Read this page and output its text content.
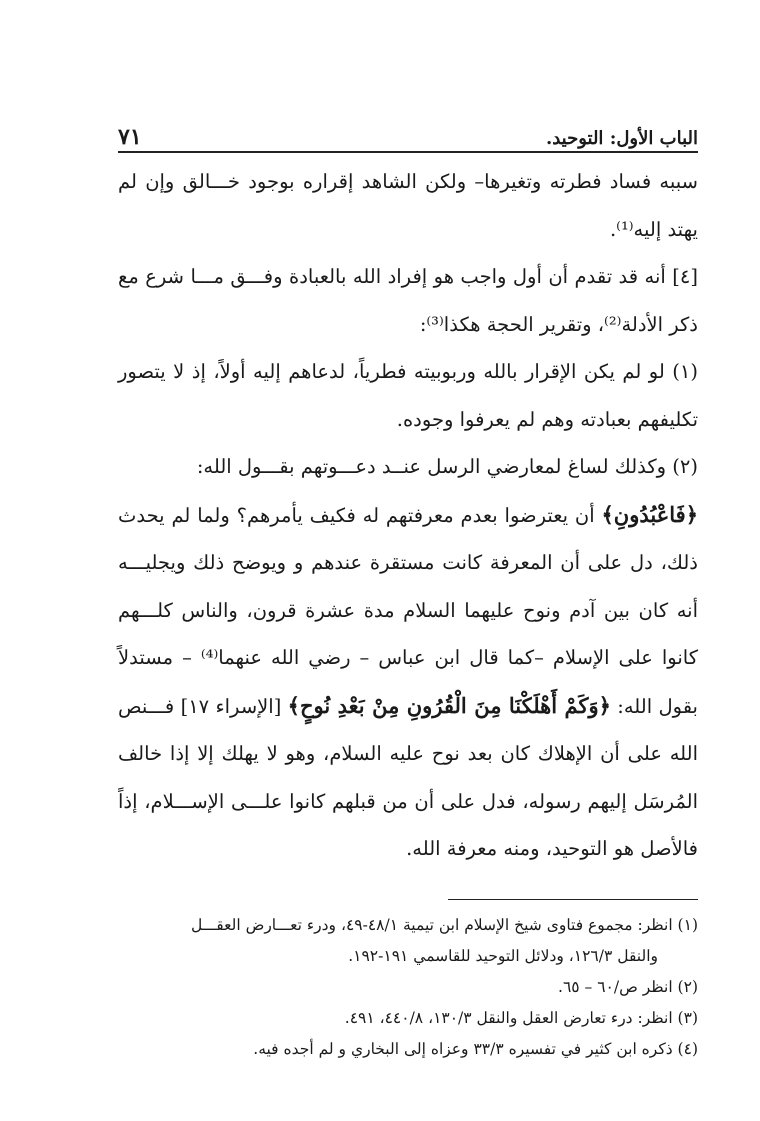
الباب الأول: التوحيد.
٧١

سببه فساد فطرته وتغيرها– ولكن الشاهد إقراره بوجود خـــالق وإن لم يهتد إليه⁽¹⁾.

[٤] أنه قد تقدم أن أول واجب هو إفراد الله بالعبادة وفـــق مـــا شرع مع ذكر الأدلة⁽²⁾، وتقرير الحجة هكذا⁽³⁾:

(١) لو لم يكن الإقرار بالله وربوبيته فطرياً، لدعاهم إليه أولاً، إذ لا يتصور تكليفهم بعبادته وهم لم يعرفوا وجوده.

(٢) وكذلك لساغ لمعارضي الرسل عنــد دعـــوتهم بقـــول الله:

﴿فَاعْبُدُونِ﴾ أن يعترضوا بعدم معرفتهم له فكيف يأمرهم؟ ولما لم يحدث ذلك، دل على أن المعرفة كانت مستقرة عندهم و ويوضح ذلك ويجليـــه أنه كان بين آدم ونوح عليهما السلام مدة عشرة قرون، والناس كلـــهم كانوا على الإسلام –كما قال ابن عباس – رضي الله عنهما⁽⁴⁾ – مستدلاً بقول الله: ﴿وَكَمْ أَهْلَكْنَا مِنَ الْقُرُونِ مِنْ بَعْدِ نُوحٍ﴾ [الإسراء ١٧] فـــنص الله على أن الإهلاك كان بعد نوح عليه السلام، وهو لا يهلك إلا إذا خالف المُرسَل إليهم رسوله، فدل على أن من قبلهم كانوا علـــى الإســـلام، إذاً فالأصل هو التوحيد، ومنه معرفة الله.

(١) انظر: مجموع فتاوى شيخ الإسلام ابن تيمية ٤٨/١-٤٩، ودرء تعـــارض العقـــل

والنقل ١٢٦/٣، ودلائل التوحيد للقاسمي ١٩١-١٩٢.

(٢) انظر ص/٦٠ – ٦٥.

(٣) انظر: درء تعارض العقل والنقل ١٣٠/٣، ٤٤٠/٨، ٤٩١.

(٤) ذكره ابن كثير في تفسيره ٣٣/٣ وعزاه إلى البخاري و لم أجده فيه.
